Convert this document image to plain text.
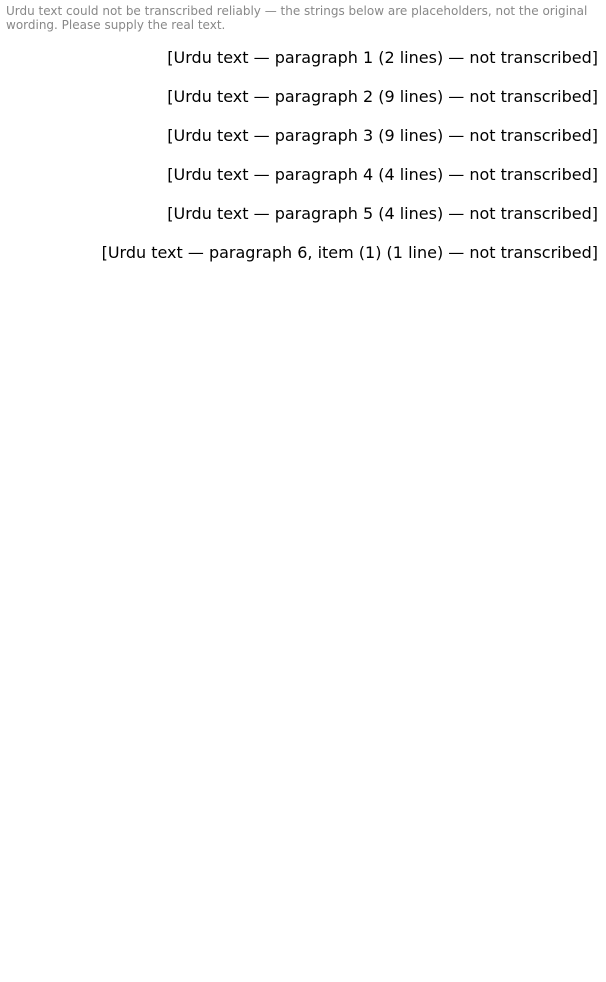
Urdu text could not be transcribed reliably — the strings below are placeholders, not the original wording. Please supply the real text.

[Urdu text — paragraph 1 (2 lines) — not transcribed]

[Urdu text — paragraph 2 (9 lines) — not transcribed]

[Urdu text — paragraph 3 (9 lines) — not transcribed]

[Urdu text — paragraph 4 (4 lines) — not transcribed]

[Urdu text — paragraph 5 (4 lines) — not transcribed]

[Urdu text — paragraph 6, item (1) (1 line) — not transcribed]
